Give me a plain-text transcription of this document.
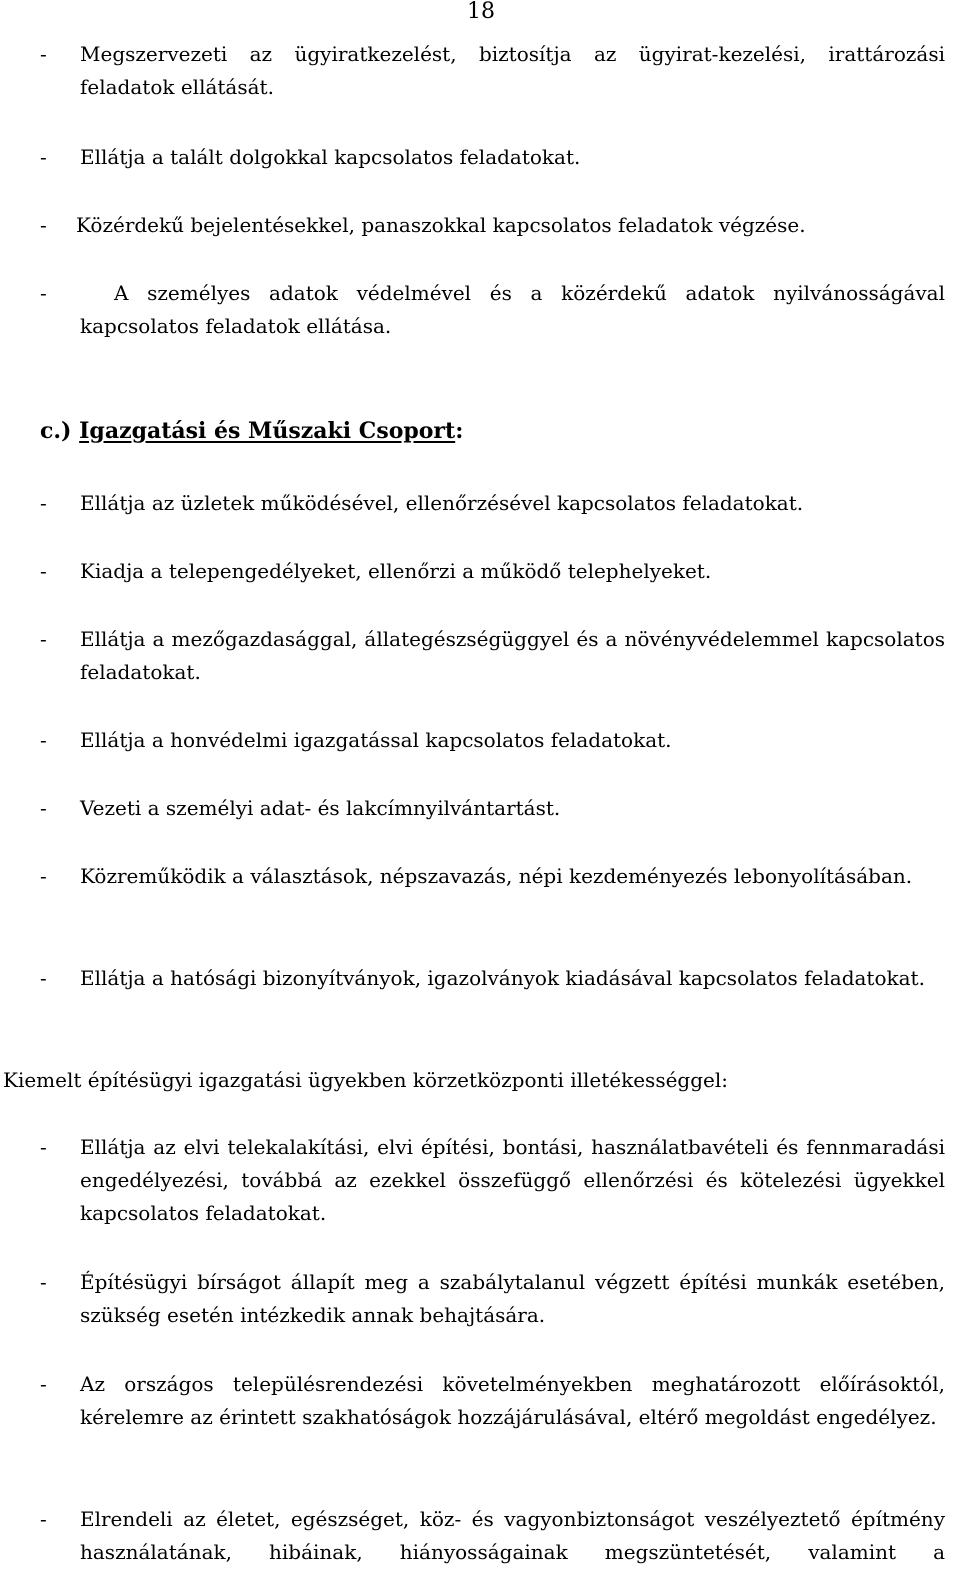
18
-	Megszervezeti az ügyiratkezelést, biztosítja az ügyirat-kezelési, irattározási feladatok ellátását.
-	Ellátja a talált dolgokkal kapcsolatos feladatokat.
-	Közérdekű bejelentésekkel, panaszokkal kapcsolatos feladatok végzése.
-	A személyes adatok védelmével és a közérdekű adatok nyilvánosságával kapcsolatos feladatok ellátása.
c.) Igazgatási és Műszaki Csoport:
-	Ellátja az üzletek működésével, ellenőrzésével kapcsolatos feladatokat.
-	Kiadja a telepengedélyeket, ellenőrzi a működő telephelyeket.
-	Ellátja a mezőgazdasággal, állategészségüggyel és a növényvédelemmel kapcsolatos feladatokat.
-	Ellátja a honvédelmi igazgatással kapcsolatos feladatokat.
-	Vezeti a személyi adat- és lakcímnyilvántartást.
-	Közreműködik a választások, népszavazás, népi kezdeményezés lebonyolításában.
-	Ellátja a hatósági bizonyítványok, igazolványok kiadásával kapcsolatos feladatokat.
Kiemelt építésügyi igazgatási ügyekben körzetközponti illetékességgel:
-	Ellátja az elvi telekalakítási, elvi építési, bontási, használatbavételi és fennmaradási engedélyezési, továbbá az ezekkel összefüggő ellenőrzési és kötelezési ügyekkel kapcsolatos feladatokat.
-	Építésügyi bírságot állapít meg a szabálytalanul végzett építési munkák esetében, szükség esetén intézkedik annak behajtására.
-	Az országos településrendezési követelményekben meghatározott előírásoktól, kérelemre az érintett szakhatóságok hozzájárulásával, eltérő megoldást engedélyez.
-	Elrendeli az életet, egészséget, köz- és vagyonbiztonságot veszélyeztető építmény használatának, hibáinak, hiányosságainak megszüntetését, valamint a
